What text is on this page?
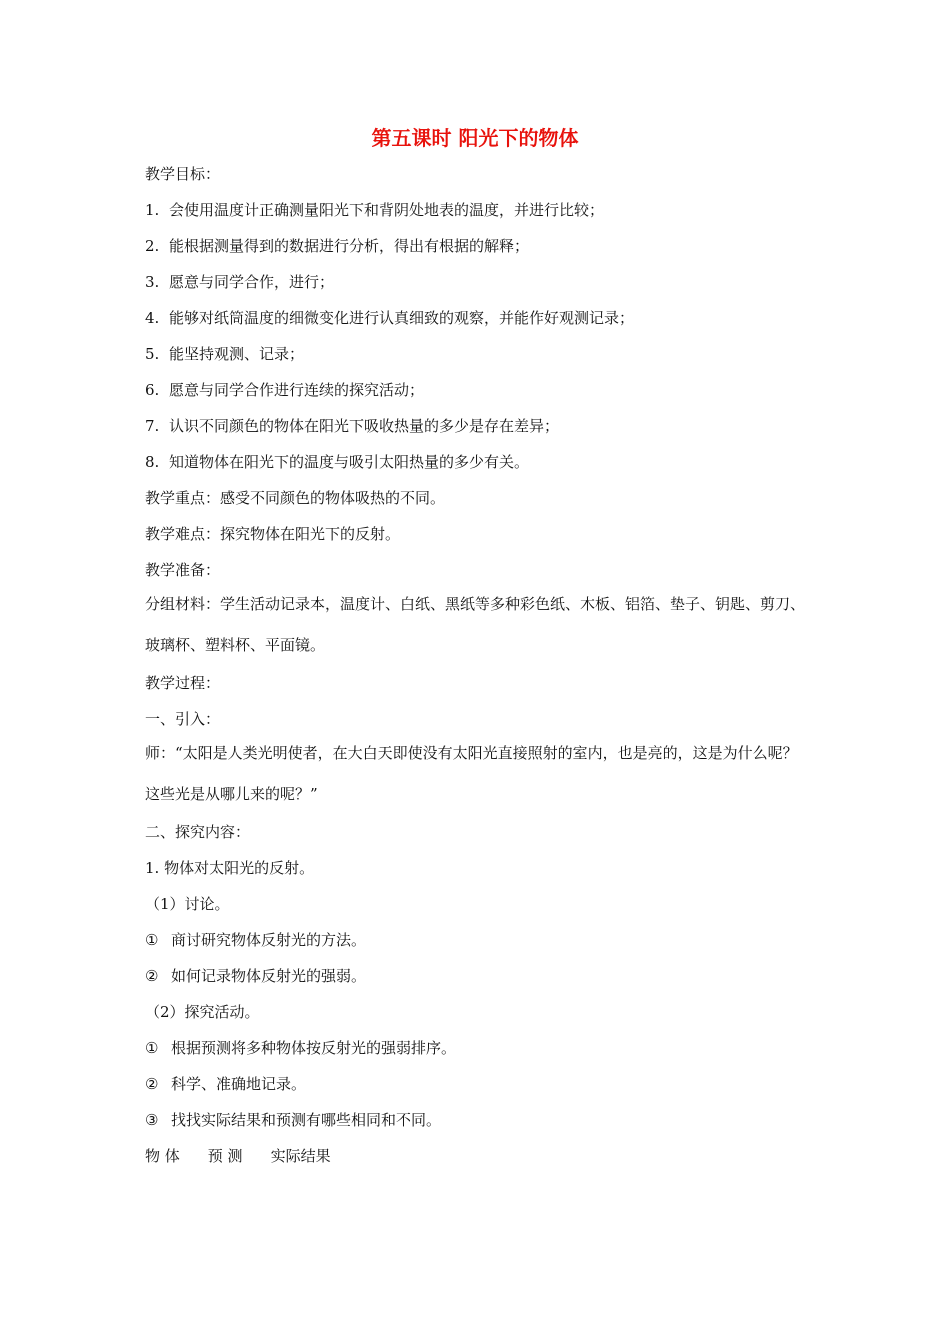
第五课时 阳光下的物体
教学目标：
1. 会使用温度计正确测量阳光下和背阴处地表的温度，并进行比较；
2. 能根据测量得到的数据进行分析，得出有根据的解释；
3. 愿意与同学合作，进行；
4. 能够对纸筒温度的细微变化进行认真细致的观察，并能作好观测记录；
5. 能坚持观测、记录；
6. 愿意与同学合作进行连续的探究活动；
7. 认识不同颜色的物体在阳光下吸收热量的多少是存在差异；
8. 知道物体在阳光下的温度与吸引太阳热量的多少有关。
教学重点：感受不同颜色的物体吸热的不同。
教学难点：探究物体在阳光下的反射。
教学准备：
分组材料：学生活动记录本，温度计、白纸、黑纸等多种彩色纸、木板、铝箔、垫子、钥匙、剪刀、玻璃杯、塑料杯、平面镜。
教学过程：
一、引入：
师：“太阳是人类光明使者，在大白天即使没有太阳光直接照射的室内，也是亮的，这是为什么呢？这些光是从哪儿来的呢？”
二、探究内容：
1. 物体对太阳光的反射。
（1）讨论。
① 商讨研究物体反射光的方法。
② 如何记录物体反射光的强弱。
（2）探究活动。
① 根据预测将多种物体按反射光的强弱排序。
② 科学、准确地记录。
③ 找找实际结果和预测有哪些相同和不同。
物 体 预 测 实际结果
